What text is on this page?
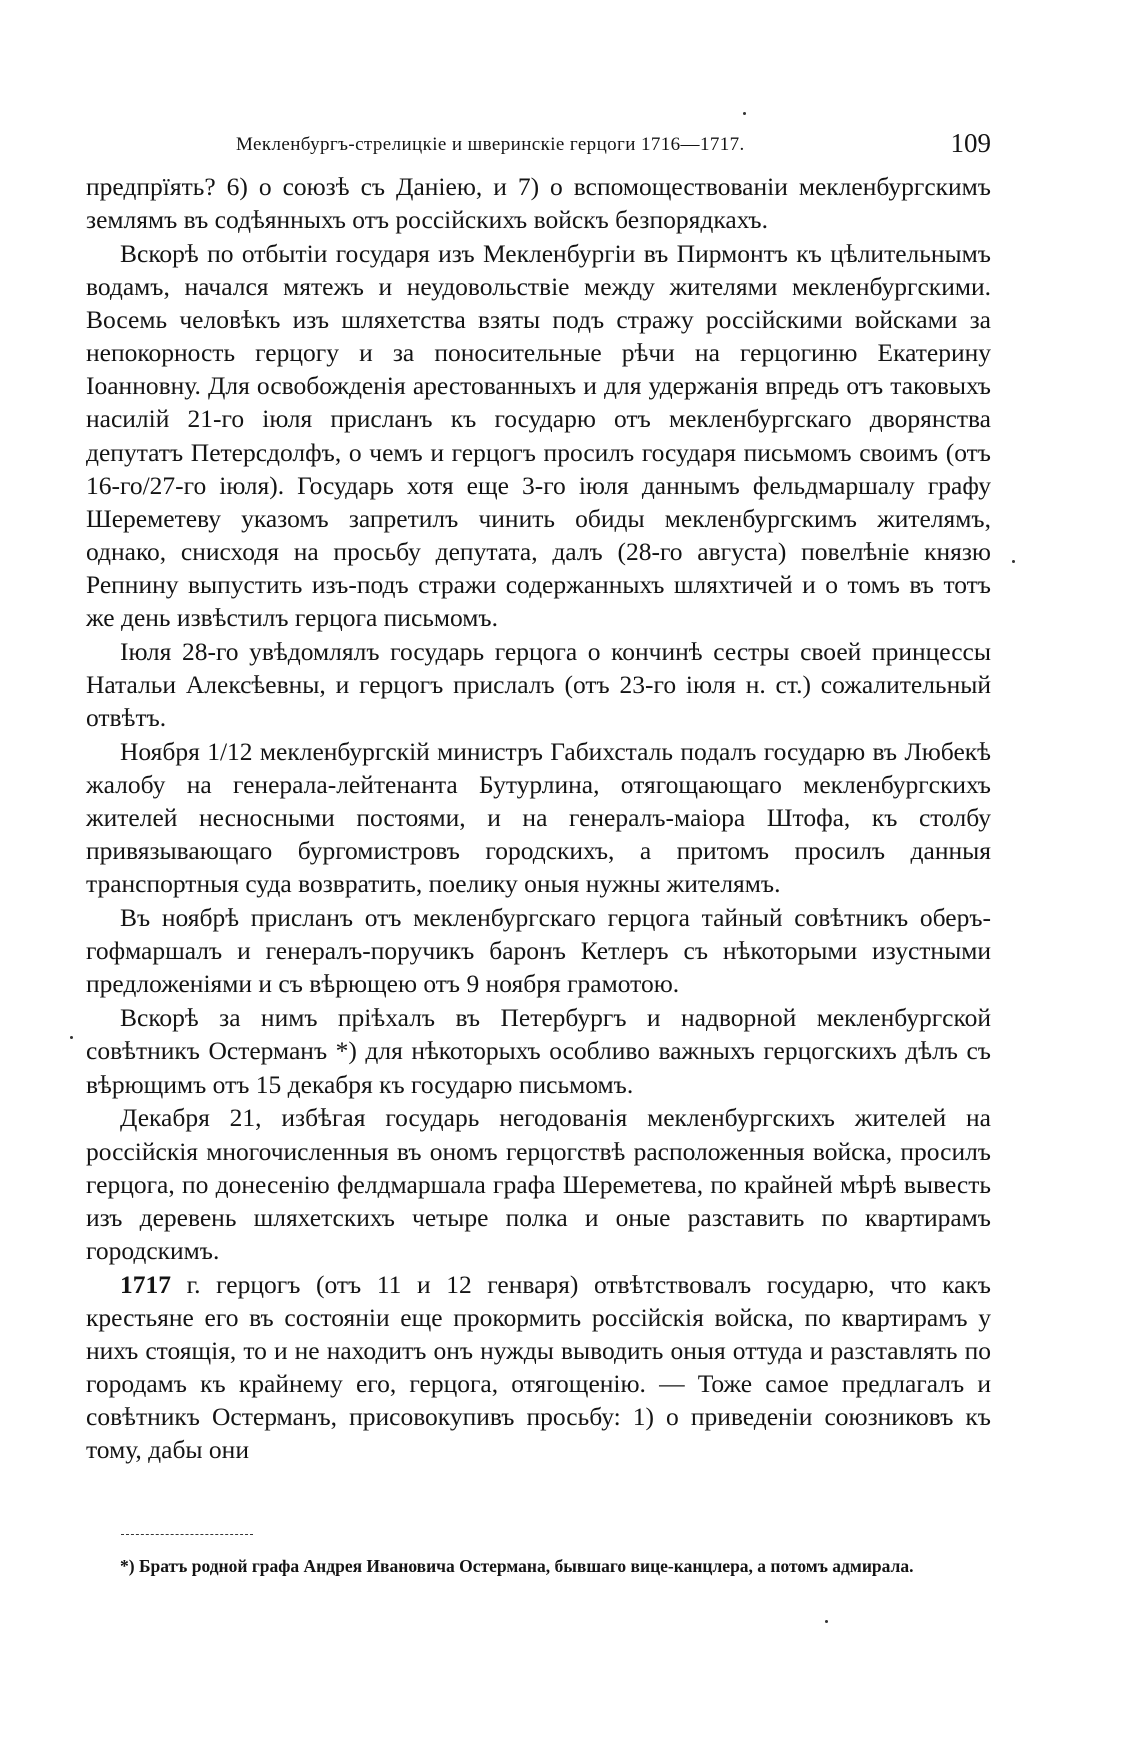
Мекленбургъ-стрелицкіе и шверинскіе герцоги 1716—1717.	109

предпрїять? 6) о союзѣ съ Даніею, и 7) о вспомоществованіи мекленбургскимъ землямъ въ содѣянныхъ отъ россійскихъ войскъ безпорядкахъ.

Вскорѣ по отбытіи государя изъ Мекленбургіи въ Пирмонтъ къ цѣлительнымъ водамъ, начался мятежъ и неудовольствіе между жителями мекленбургскими. Восемь человѣкъ изъ шляхетства взяты подъ стражу россійскими войсками за непокорность герцогу и за поносительные рѣчи на герцогиню Екатерину Іоанновну. Для освобожденія арестованныхъ и для удержанія впредь отъ таковыхъ насилій 21-го іюля присланъ къ государю отъ мекленбургскаго дворянства депутатъ Петерсдолфъ, о чемъ и герцогъ просилъ государя письмомъ своимъ (отъ 16-го/27-го іюля). Государь хотя еще 3-го іюля даннымъ фельдмаршалу графу Шереметеву указомъ запретилъ чинить обиды мекленбургскимъ жителямъ, однако, снисходя на просьбу депутата, далъ (28-го августа) повелѣніе князю Репнину выпустить изъ-подъ стражи содержанныхъ шляхтичей и о томъ въ тотъ же день извѣстилъ герцога письмомъ.

Іюля 28-го увѣдомлялъ государь герцога о кончинѣ сестры своей принцессы Натальи Алексѣевны, и герцогъ прислалъ (отъ 23-го іюля н. ст.) сожалительный отвѣтъ.

Ноября 1/12 мекленбургскій министръ Габихсталь подалъ государю въ Любекѣ жалобу на генерала-лейтенанта Бутурлина, отягощающаго мекленбургскихъ жителей несносными постоями, и на генералъ-маіора Штофа, къ столбу привязывающаго бургомистровъ городскихъ, а притомъ просилъ данныя транспортныя суда возвратить, поелику оныя нужны жителямъ.

Въ ноябрѣ присланъ отъ мекленбургскаго герцога тайный совѣтникъ оберъ-гофмаршалъ и генералъ-поручикъ баронъ Кетлеръ съ нѣкоторыми изустными предложеніями и съ вѣрющею отъ 9 ноября грамотою.

Вскорѣ за нимъ пріѣхалъ въ Петербургъ и надворной мекленбургской совѣтникъ Остерманъ *) для нѣкоторыхъ особливо важныхъ герцогскихъ дѣлъ съ вѣрющимъ отъ 15 декабря къ государю письмомъ.

Декабря 21, избѣгая государь негодованія мекленбургскихъ жителей на россійскія многочисленныя въ ономъ герцогствѣ расположенныя войска, просилъ герцога, по донесенію фелдмаршала графа Шереметева, по крайней мѣрѣ вывесть изъ деревень шляхетскихъ четыре полка и оные разставить по квартирамъ городскимъ.

1717 г. герцогъ (отъ 11 и 12 генваря) отвѣтствовалъ государю, что какъ крестьяне его въ состояніи еще прокормить россійскія войска, по квартирамъ у нихъ стоящія, то и не находитъ онъ нужды выводить оныя оттуда и разставлять по городамъ къ крайнему его, герцога, отягощенію. — Тоже самое предлагалъ и совѣтникъ Остерманъ, присовокупивъ просьбу: 1) о приведеніи союзниковъ къ тому, дабы они

*) Братъ родной графа Андрея Ивановича Остермана, бывшаго вице-канцлера, а потомъ адмирала.
